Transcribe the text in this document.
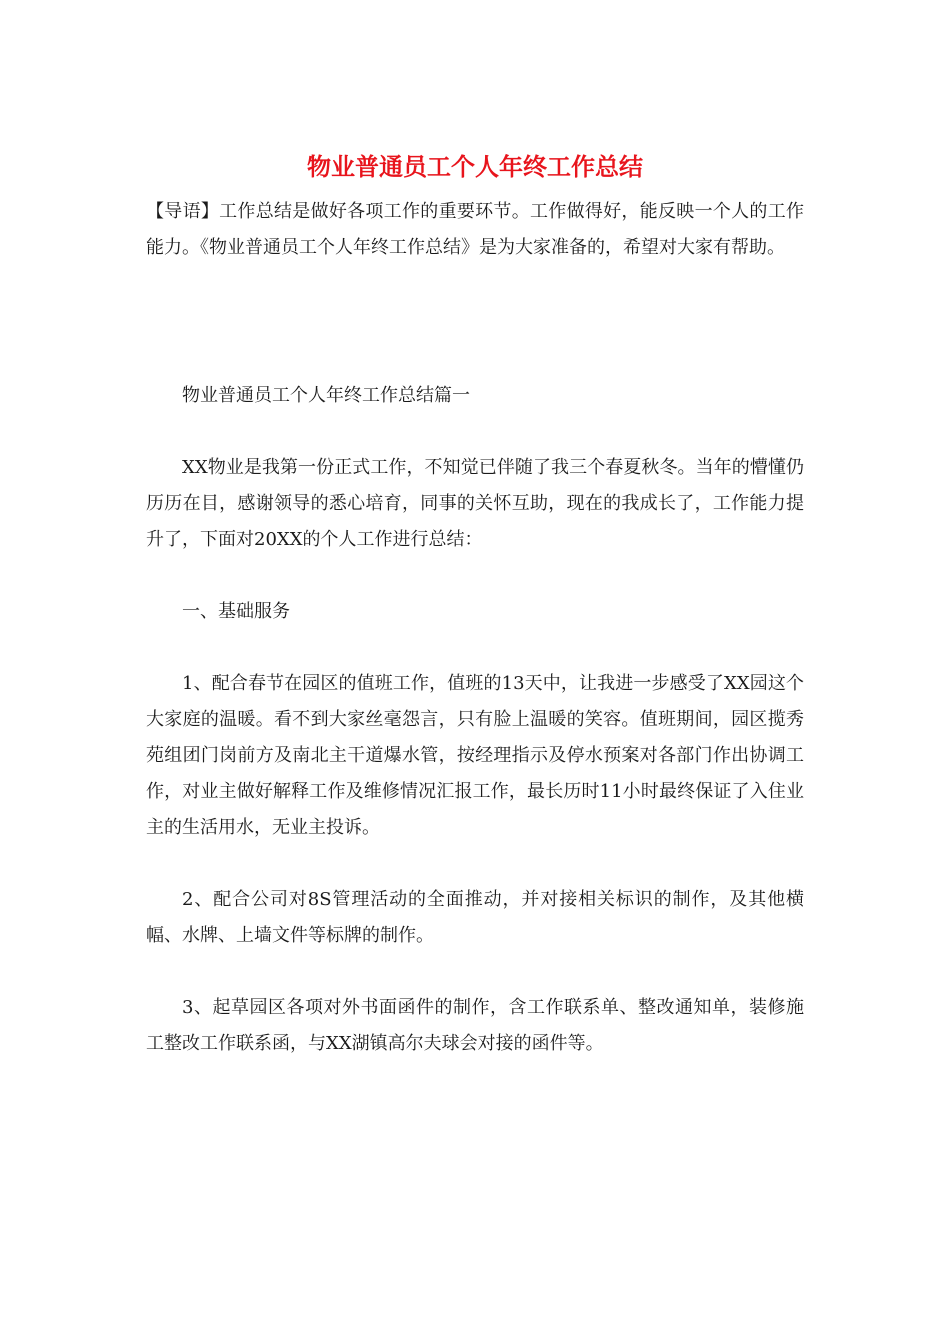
物业普通员工个人年终工作总结

【导语】工作总结是做好各项工作的重要环节。工作做得好，能反映一个人的工作能力。《物业普通员工个人年终工作总结》是为大家准备的，希望对大家有帮助。

物业普通员工个人年终工作总结篇一

XX物业是我第一份正式工作，不知觉已伴随了我三个春夏秋冬。当年的懵懂仍历历在目，感谢领导的悉心培育，同事的关怀互助，现在的我成长了，工作能力提升了，下面对20XX的个人工作进行总结：

一、基础服务

1、配合春节在园区的值班工作，值班的13天中，让我进一步感受了XX园这个大家庭的温暖。看不到大家丝毫怨言，只有脸上温暖的笑容。值班期间，园区揽秀苑组团门岗前方及南北主干道爆水管，按经理指示及停水预案对各部门作出协调工作，对业主做好解释工作及维修情况汇报工作，最长历时11小时最终保证了入住业主的生活用水，无业主投诉。

2、配合公司对8S管理活动的全面推动，并对接相关标识的制作，及其他横幅、水牌、上墙文件等标牌的制作。

3、起草园区各项对外书面函件的制作，含工作联系单、整改通知单，装修施工整改工作联系函，与XX湖镇高尔夫球会对接的函件等。
